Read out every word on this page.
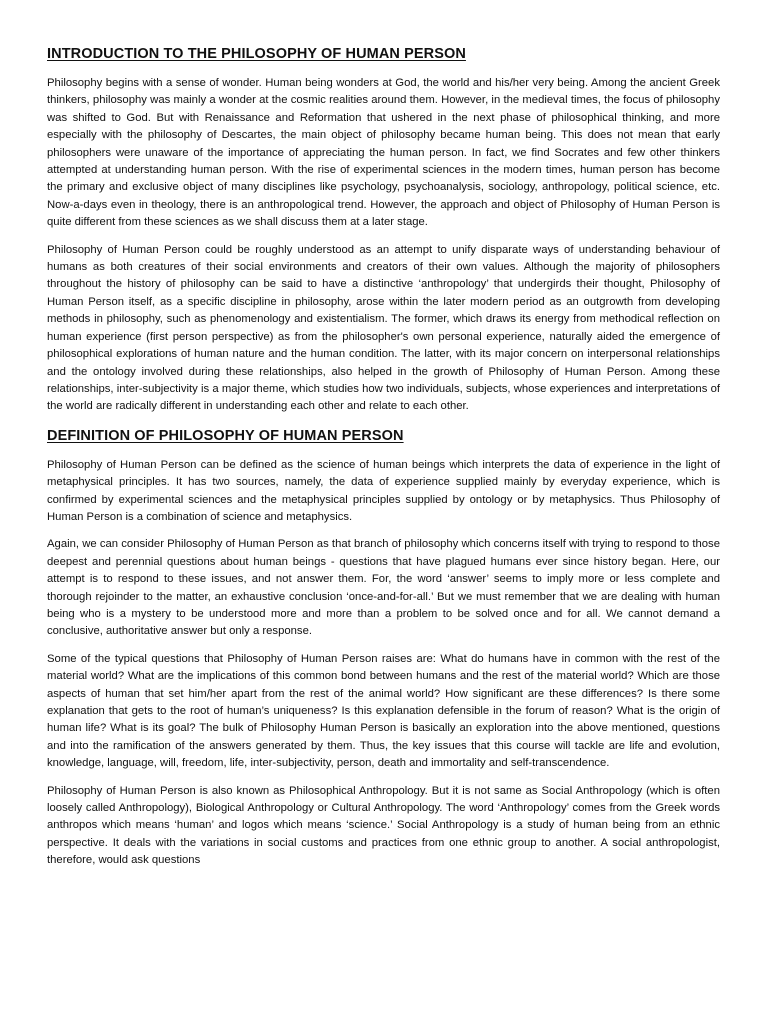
INTRODUCTION TO THE PHILOSOPHY OF HUMAN PERSON

Philosophy begins with a sense of wonder. Human being wonders at God, the world and his/her very being. Among the ancient Greek thinkers, philosophy was mainly a wonder at the cosmic realities around them. However, in the medieval times, the focus of philosophy was shifted to God. But with Renaissance and Reformation that ushered in the next phase of philosophical thinking, and more especially with the philosophy of Descartes, the main object of philosophy became human being. This does not mean that early philosophers were unaware of the importance of appreciating the human person. In fact, we find Socrates and few other thinkers attempted at understanding human person. With the rise of experimental sciences in the modern times, human person has become the primary and exclusive object of many disciplines like psychology, psychoanalysis, sociology, anthropology, political science, etc. Now-a-days even in theology, there is an anthropological trend. However, the approach and object of Philosophy of Human Person is quite different from these sciences as we shall discuss them at a later stage.

Philosophy of Human Person could be roughly understood as an attempt to unify disparate ways of understanding behaviour of humans as both creatures of their social environments and creators of their own values. Although the majority of philosophers throughout the history of philosophy can be said to have a distinctive ‘anthropology’ that undergirds their thought, Philosophy of Human Person itself, as a specific discipline in philosophy, arose within the later modern period as an outgrowth from developing methods in philosophy, such as phenomenology and existentialism. The former, which draws its energy from methodical reflection on human experience (first person perspective) as from the philosopher's own personal experience, naturally aided the emergence of philosophical explorations of human nature and the human condition. The latter, with its major concern on interpersonal relationships and the ontology involved during these relationships, also helped in the growth of Philosophy of Human Person. Among these relationships, inter-subjectivity is a major theme, which studies how two individuals, subjects, whose experiences and interpretations of the world are radically different in understanding each other and relate to each other.

DEFINITION OF PHILOSOPHY OF HUMAN PERSON

Philosophy of Human Person can be defined as the science of human beings which interprets the data of experience in the light of metaphysical principles. It has two sources, namely, the data of experience supplied mainly by everyday experience, which is confirmed by experimental sciences and the metaphysical principles supplied by ontology or by metaphysics. Thus Philosophy of Human Person is a combination of science and metaphysics.

Again, we can consider Philosophy of Human Person as that branch of philosophy which concerns itself with trying to respond to those deepest and perennial questions about human beings - questions that have plagued humans ever since history began. Here, our attempt is to respond to these issues, and not answer them. For, the word ‘answer’ seems to imply more or less complete and thorough rejoinder to the matter, an exhaustive conclusion ‘once-and-for-all.’ But we must remember that we are dealing with human being who is a mystery to be understood more and more than a problem to be solved once and for all. We cannot demand a conclusive, authoritative answer but only a response.

Some of the typical questions that Philosophy of Human Person raises are: What do humans have in common with the rest of the material world? What are the implications of this common bond between humans and the rest of the material world? Which are those aspects of human that set him/her apart from the rest of the animal world? How significant are these differences? Is there some explanation that gets to the root of human’s uniqueness? Is this explanation defensible in the forum of reason? What is the origin of human life? What is its goal? The bulk of Philosophy Human Person is basically an exploration into the above mentioned, questions and into the ramification of the answers generated by them. Thus, the key issues that this course will tackle are life and evolution, knowledge, language, will, freedom, life, inter-subjectivity, person, death and immortality and self-transcendence.

Philosophy of Human Person is also known as Philosophical Anthropology. But it is not same as Social Anthropology (which is often loosely called Anthropology), Biological Anthropology or Cultural Anthropology. The word ‘Anthropology’ comes from the Greek words anthropos which means ‘human’ and logos which means ‘science.’ Social Anthropology is a study of human being from an ethnic perspective. It deals with the variations in social customs and practices from one ethnic group to another. A social anthropologist, therefore, would ask questions
